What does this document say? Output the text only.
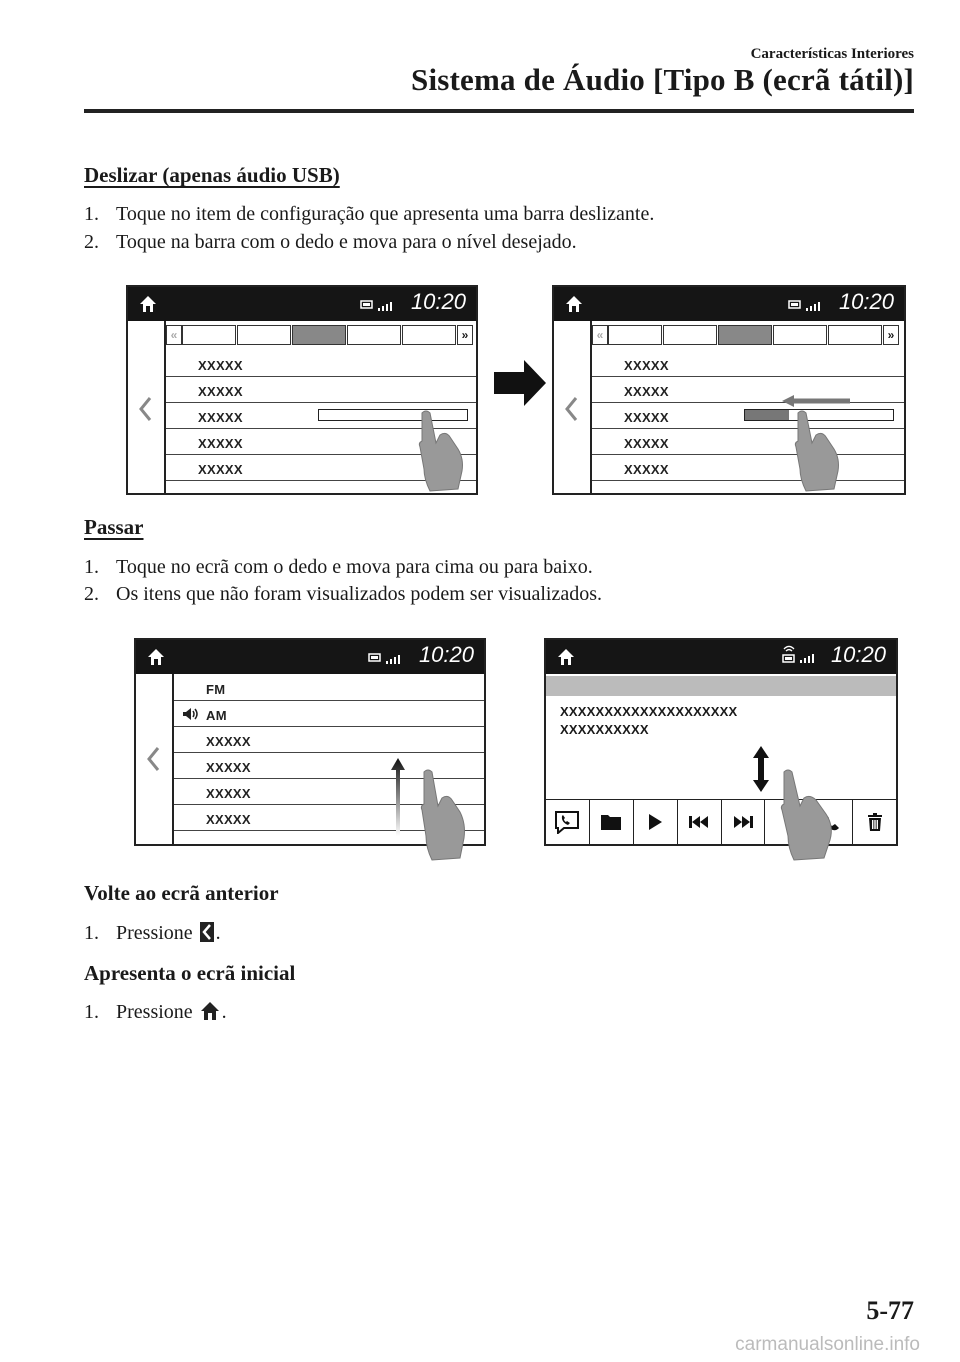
Características Interiores
Sistema de Áudio [Tipo B (ecrã tátil)]
Deslizar (apenas áudio USB)
1. Toque no item de configuração que apresenta uma barra deslizante.
2. Toque na barra com o dedo e mova para o nível desejado.
10:20
«	»
XXXXX
XXXXX
XXXXX
XXXXX
XXXXX
10:20
«	»
XXXXX
XXXXX
XXXXX
XXXXX
XXXXX
Passar
1. Toque no ecrã com o dedo e mova para cima ou para baixo.
2. Os itens que não foram visualizados podem ser visualizados.
10:20
FM
AM
XXXXX
XXXXX
XXXXX
XXXXX
10:20
XXXXXXXXXXXXXXXXXXXX
XXXXXXXXXX
Volte ao ecrã anterior
1. Pressione .
Apresenta o ecrã inicial
1. Pressione .
5-77
carmanualsonline.info
